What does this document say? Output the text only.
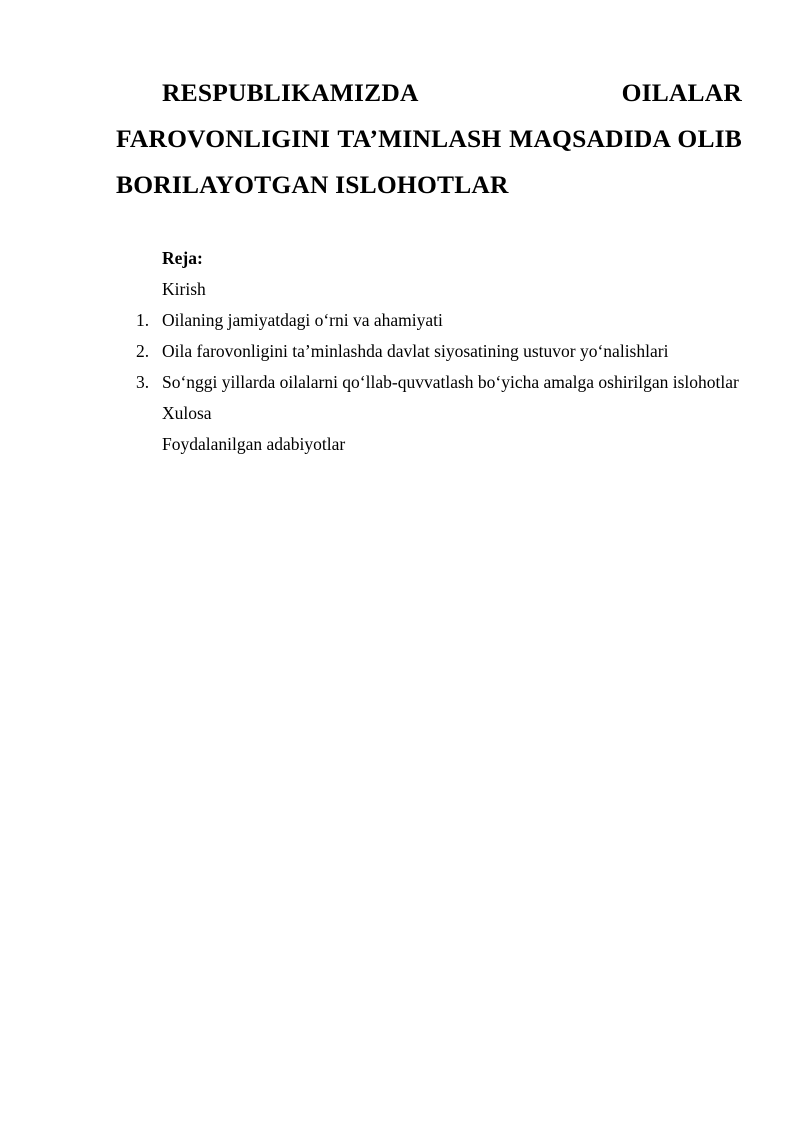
RESPUBLIKAMIZDA OILALAR FAROVONLIGINI TA’MINLASH MAQSADIDA OLIB BORILAYOTGAN ISLOHOTLAR
Reja:
Kirish
1. Oilaning jamiyatdagi o‘rni va ahamiyati
2. Oila farovonligini ta’minlashda davlat siyosatining ustuvor yo‘nalishlari
3. So‘nggi yillarda oilalarni qo‘llab-quvvatlash bo‘yicha amalga oshirilgan islohotlar
Xulosa
Foydalanilgan adabiyotlar
